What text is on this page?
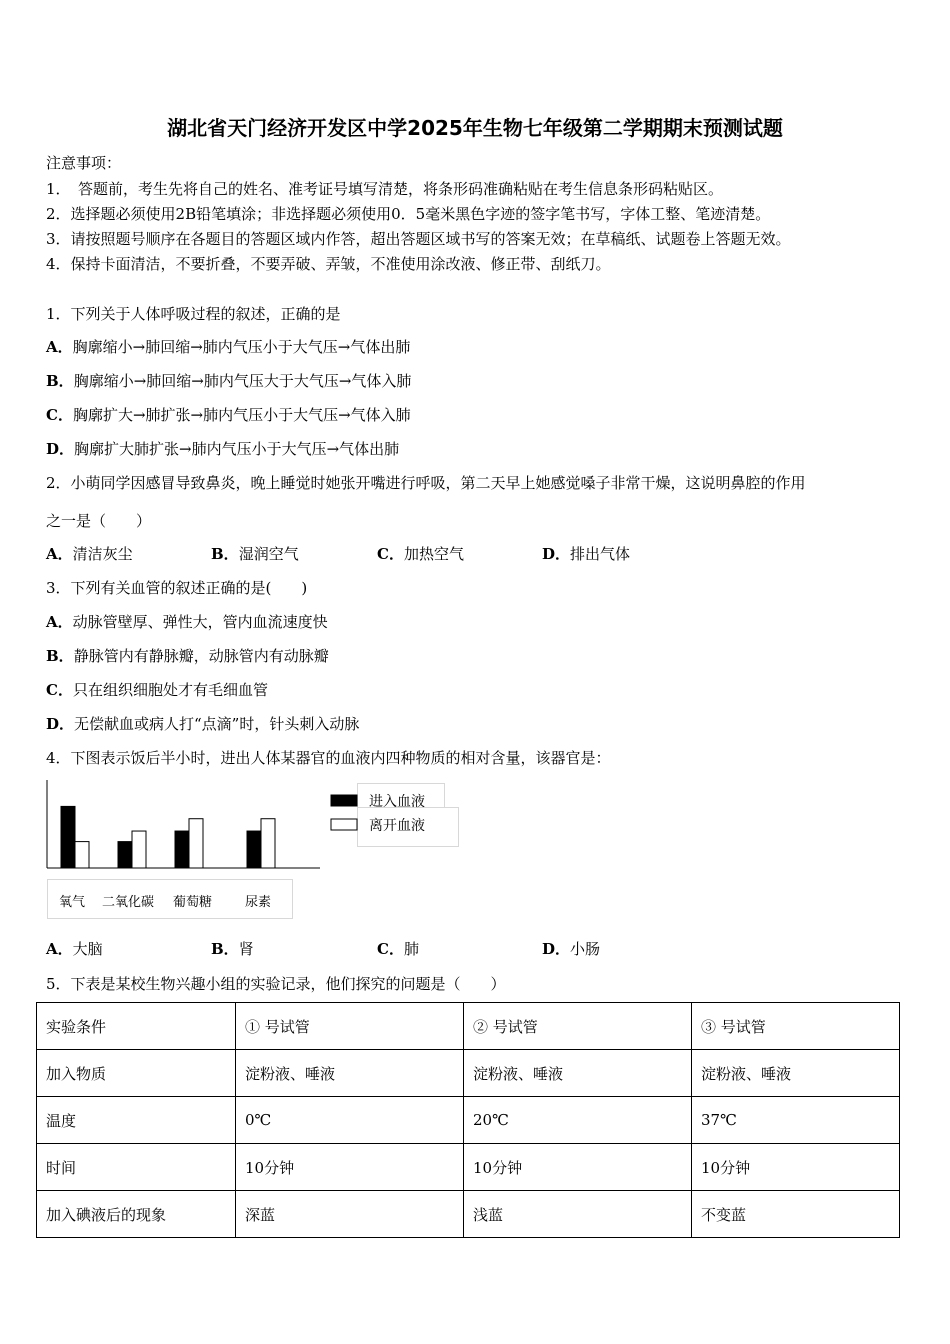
湖北省天门经济开发区中学2025年生物七年级第二学期期末预测试题
注意事项：
1．　答题前，考生先将自己的姓名、准考证号填写清楚，将条形码准确粘贴在考生信息条形码粘贴区。
2．选择题必须使用2B铅笔填涂；非选择题必须使用0．5毫米黑色字迹的签字笔书写，字体工整、笔迹清楚。
3．请按照题号顺序在各题目的答题区域内作答，超出答题区域书写的答案无效；在草稿纸、试题卷上答题无效。
4．保持卡面清洁，不要折叠，不要弄破、弄皱，不准使用涂改液、修正带、刮纸刀。
1．下列关于人体呼吸过程的叙述，正确的是
A．胸廓缩小→肺回缩→肺内气压小于大气压→气体出肺
B．胸廓缩小→肺回缩→肺内气压大于大气压→气体入肺
C．胸廓扩大→肺扩张→肺内气压小于大气压→气体入肺
D．胸廓扩大肺扩张→肺内气压小于大气压→气体出肺
2．小萌同学因感冒导致鼻炎，晚上睡觉时她张开嘴进行呼吸，第二天早上她感觉嗓子非常干燥，这说明鼻腔的作用
之一是（　　）
A．清洁灰尘	B．湿润空气	C．加热空气	D．排出气体
3．下列有关血管的叙述正确的是(　　)
A．动脉管壁厚、弹性大，管内血流速度快
B．静脉管内有静脉瓣，动脉管内有动脉瓣
C．只在组织细胞处才有毛细血管
D．无偿献血或病人打“点滴”时，针头刺入动脉
4．下图表示饭后半小时，进出人体某器官的血液内四种物质的相对含量，该器官是：
进入血液
离开血液
氧气 二氧化碳 葡萄糖	尿素
A．大脑	B．肾	C．肺	D．小肠
5．下表是某校生物兴趣小组的实验记录，他们探究的问题是（　　）
实验条件	① 号试管	② 号试管	③ 号试管
加入物质	淀粉液、唾液	淀粉液、唾液	淀粉液、唾液
温度	0℃	20℃	37℃
时间	10分钟	10分钟	10分钟
加入碘液后的现象	深蓝	浅蓝	不变蓝
